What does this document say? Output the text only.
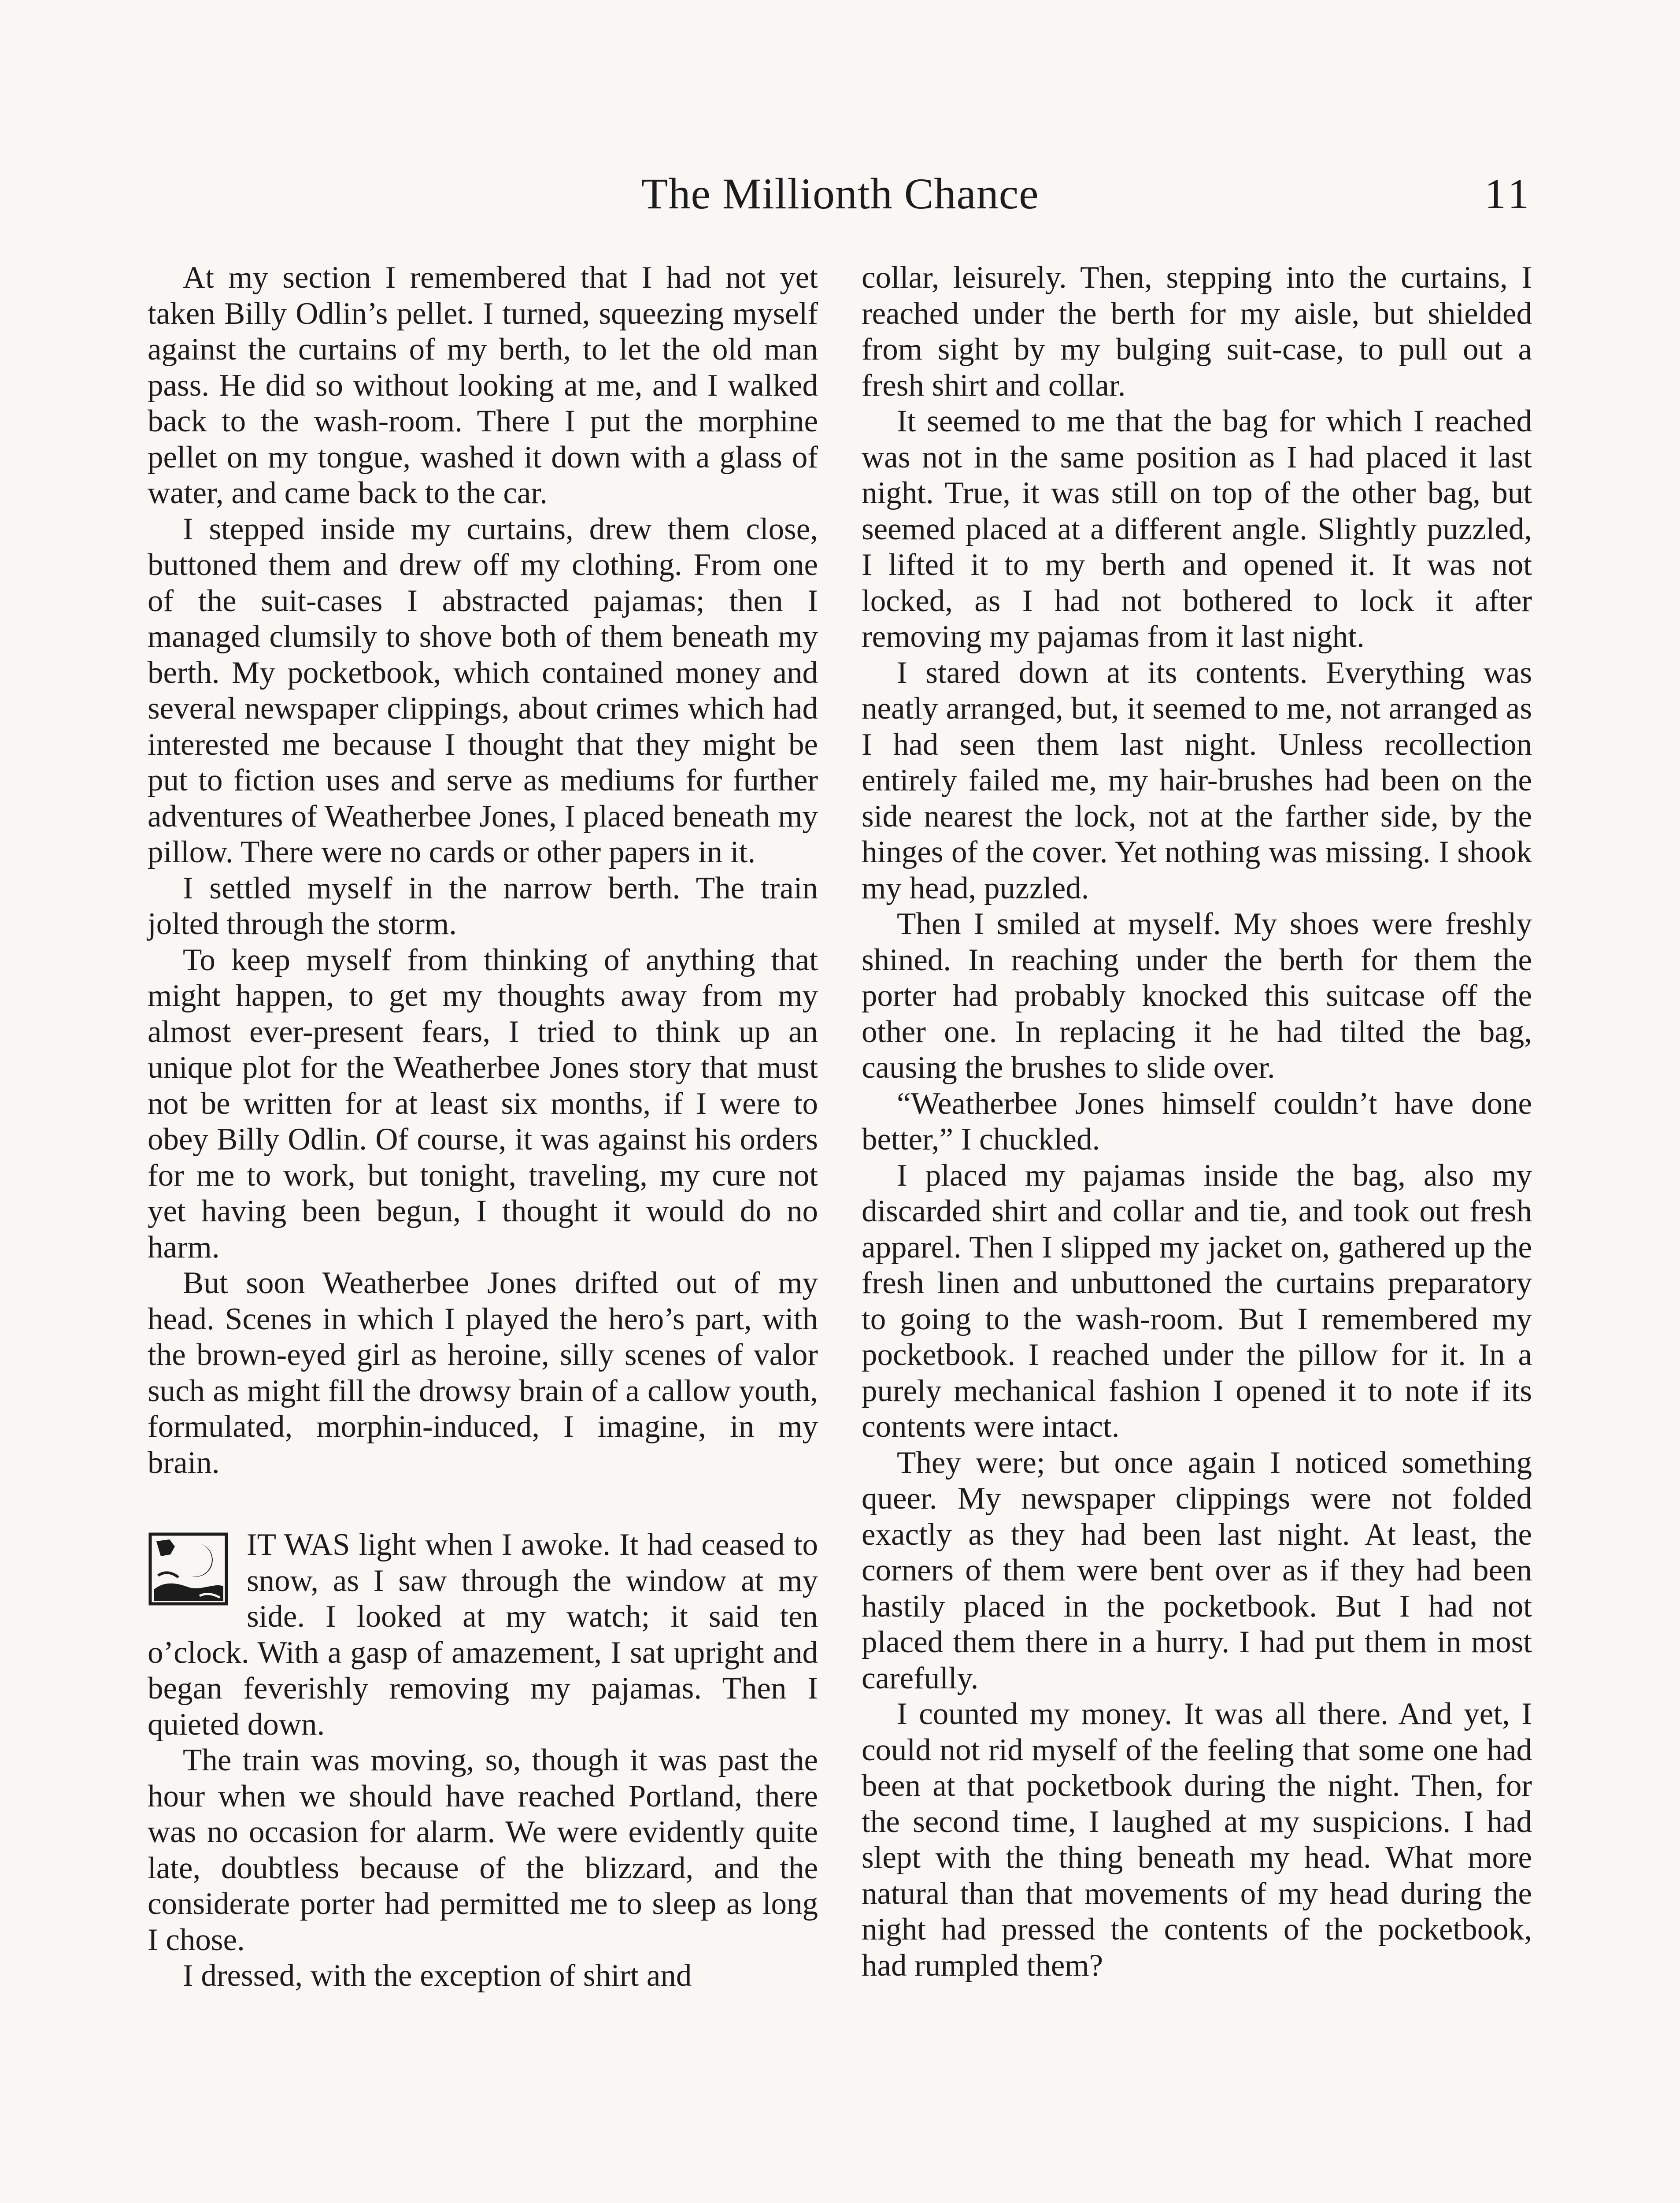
The Millionth Chance	11

At my section I remembered that I had not yet taken Billy Odlin’s pellet. I turned, squeezing myself against the curtains of my berth, to let the old man pass. He did so without looking at me, and I walked back to the wash-room. There I put the morphine pellet on my tongue, washed it down with a glass of water, and came back to the car.

I stepped inside my curtains, drew them close, buttoned them and drew off my clothing. From one of the suit-cases I abstracted pajamas; then I managed clumsily to shove both of them beneath my berth. My pocketbook, which contained money and several newspaper clippings, about crimes which had interested me because I thought that they might be put to fiction uses and serve as mediums for further adventures of Weatherbee Jones, I placed beneath my pillow. There were no cards or other papers in it.

I settled myself in the narrow berth. The train jolted through the storm.

To keep myself from thinking of anything that might happen, to get my thoughts away from my almost ever-present fears, I tried to think up an unique plot for the Weatherbee Jones story that must not be written for at least six months, if I were to obey Billy Odlin. Of course, it was against his orders for me to work, but tonight, traveling, my cure not yet having been begun, I thought it would do no harm.

But soon Weatherbee Jones drifted out of my head. Scenes in which I played the hero’s part, with the brown-eyed girl as heroine, silly scenes of valor such as might fill the drowsy brain of a callow youth, formulated, morphin-induced, I imagine, in my brain.

IT WAS light when I awoke. It had ceased to snow, as I saw through the window at my side. I looked at my watch; it said ten o’clock. With a gasp of amazement, I sat upright and began feverishly removing my pajamas. Then I quieted down.

The train was moving, so, though it was past the hour when we should have reached Portland, there was no occasion for alarm. We were evidently quite late, doubtless because of the blizzard, and the considerate porter had permitted me to sleep as long I chose.

I dressed, with the exception of shirt and

collar, leisurely. Then, stepping into the curtains, I reached under the berth for my aisle, but shielded from sight by my bulging suit-case, to pull out a fresh shirt and collar.

It seemed to me that the bag for which I reached was not in the same position as I had placed it last night. True, it was still on top of the other bag, but seemed placed at a different angle. Slightly puzzled, I lifted it to my berth and opened it. It was not locked, as I had not bothered to lock it after removing my pajamas from it last night.

I stared down at its contents. Everything was neatly arranged, but, it seemed to me, not arranged as I had seen them last night. Unless recollection entirely failed me, my hair-brushes had been on the side nearest the lock, not at the farther side, by the hinges of the cover. Yet nothing was missing. I shook my head, puzzled.

Then I smiled at myself. My shoes were freshly shined. In reaching under the berth for them the porter had probably knocked this suitcase off the other one. In replacing it he had tilted the bag, causing the brushes to slide over.

“Weatherbee Jones himself couldn’t have done better,” I chuckled.

I placed my pajamas inside the bag, also my discarded shirt and collar and tie, and took out fresh apparel. Then I slipped my jacket on, gathered up the fresh linen and unbuttoned the curtains preparatory to going to the wash-room. But I remembered my pocketbook. I reached under the pillow for it. In a purely mechanical fashion I opened it to note if its contents were intact.

They were; but once again I noticed something queer. My newspaper clippings were not folded exactly as they had been last night. At least, the corners of them were bent over as if they had been hastily placed in the pocketbook. But I had not placed them there in a hurry. I had put them in most carefully.

I counted my money. It was all there. And yet, I could not rid myself of the feeling that some one had been at that pocketbook during the night. Then, for the second time, I laughed at my suspicions. I had slept with the thing beneath my head. What more natural than that movements of my head during the night had pressed the contents of the pocketbook, had rumpled them?
